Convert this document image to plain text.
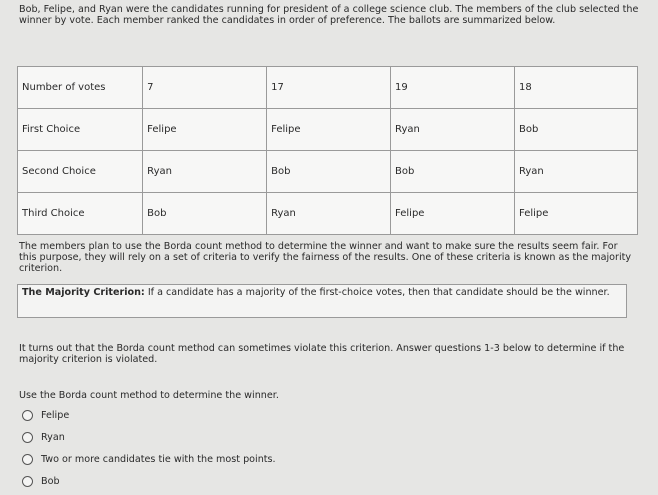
Bob, Felipe, and Ryan were the candidates running for president of a college science club. The members of the club selected the winner by vote. Each member ranked the candidates in order of preference. The ballots are summarized below.
Number of votes	7	17	19	18
First Choice	Felipe	Felipe	Ryan	Bob
Second Choice	Ryan	Bob	Bob	Ryan
Third Choice	Bob	Ryan	Felipe	Felipe
The members plan to use the Borda count method to determine the winner and want to make sure the results seem fair. For this purpose, they will rely on a set of criteria to verify the fairness of the results. One of these criteria is known as the majority criterion.
The Majority Criterion: If a candidate has a majority of the first-choice votes, then that candidate should be the winner.
It turns out that the Borda count method can sometimes violate this criterion. Answer questions 1-3 below to determine if the majority criterion is violated.
Use the Borda count method to determine the winner.
Felipe
Ryan
Two or more candidates tie with the most points.
Bob
